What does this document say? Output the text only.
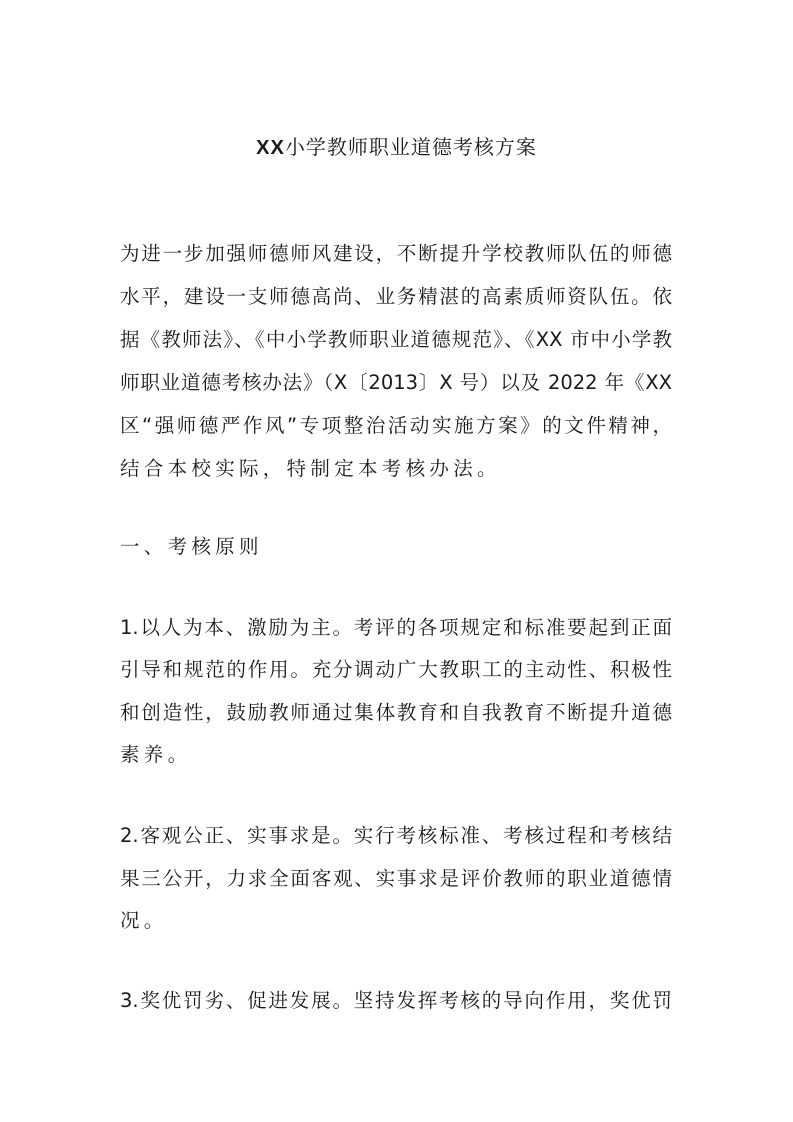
XX小学教师职业道德考核方案
为进一步加强师德师风建设，不断提升学校教师队伍的师德
水平，建设一支师德高尚、业务精湛的高素质师资队伍。依
据《教师法》、《中小学教师职业道德规范》、《XX 市中小学教
师职业道德考核办法》（X〔2013〕X 号）以及 2022 年《XX
区“强师德严作风”专项整治活动实施方案》的文件精神，
结合本校实际，特制定本考核办法。
一、考核原则
1.以人为本、激励为主。考评的各项规定和标准要起到正面
引导和规范的作用。充分调动广大教职工的主动性、积极性
和创造性，鼓励教师通过集体教育和自我教育不断提升道德
素养。
2.客观公正、实事求是。实行考核标准、考核过程和考核结
果三公开，力求全面客观、实事求是评价教师的职业道德情
况。
3.奖优罚劣、促进发展。坚持发挥考核的导向作用，奖优罚
